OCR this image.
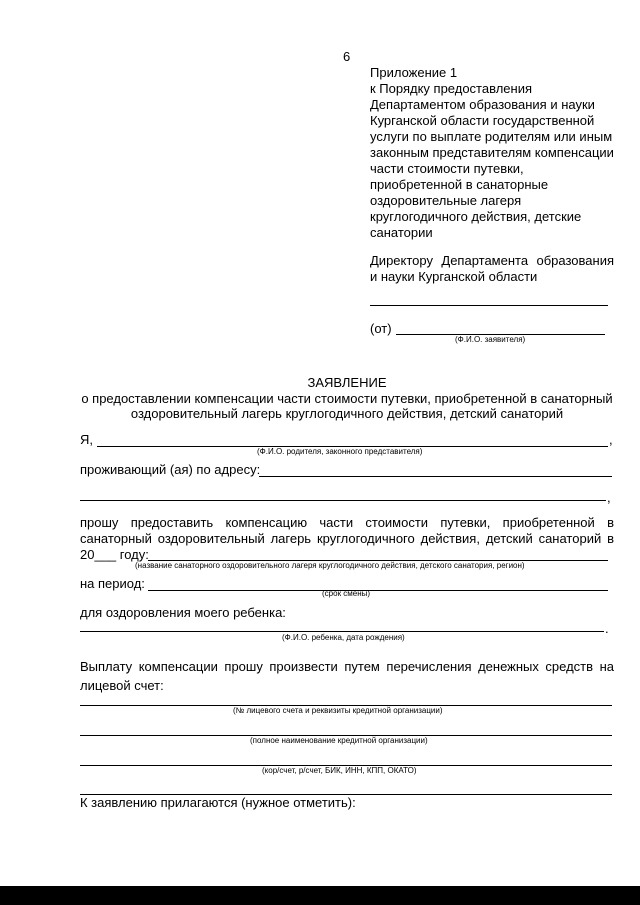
6
Приложение 1
к Порядку предоставления
Департаментом образования и науки
Курганской области государственной
услуги по выплате родителям или иным
законным представителям компенсации
части стоимости путевки,
приобретенной в санаторные
оздоровительные лагеря
круглогодичного действия, детские
санатории
Директору Департамента образования
и науки Курганской области
(от)
(Ф.И.О. заявителя)
ЗАЯВЛЕНИЕ
о предоставлении компенсации части стоимости путевки, приобретенной в санаторный
оздоровительный лагерь круглогодичного действия, детский санаторий
Я,	,
(Ф.И.О. родителя, законного представителя)
проживающий (ая) по адресу:
,
прошу предоставить компенсацию части стоимости путевки, приобретенной в
санаторный оздоровительный лагерь круглогодичного действия, детский санаторий в
20___ году:
(название санаторного оздоровительного лагеря круглогодичного действия, детского санатория, регион)
на период:
(срок смены)
для оздоровления моего ребенка:
.
(Ф.И.О. ребенка, дата рождения)
Выплату компенсации прошу произвести путем перечисления денежных средств на
лицевой счет:
(№ лицевого счета и реквизиты кредитной организации)
(полное наименование кредитной организации)
(кор/счет, р/счет, БИК, ИНН, КПП, ОКАТО)
К заявлению прилагаются (нужное отметить):
